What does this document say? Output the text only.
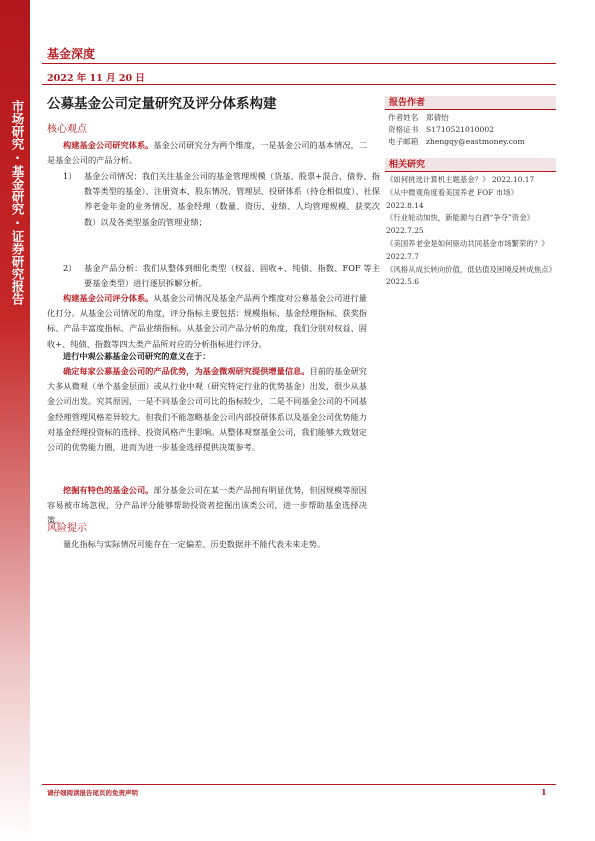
市场研究·基金研究·证券研究报告
基金深度
2022 年 11 月 20 日
公募基金公司定量研究及评分体系构建
核心观点
构建基金公司研究体系。基金公司研究分为两个维度，一是基金公司的基本情况，二是基金公司的产品分析。
1） 基金公司情况：我们关注基金公司的基金管理规模（货基、股票+混合、债券、指数等类型的基金）、注册资本、股东情况、管理层、投研体系（持仓相似度）、社保养老金年金的业务情况、基金经理（数量、资历、业绩、人均管理规模、获奖次数）以及各类型基金的管理业绩；
2） 基金产品分析：我们从整体到细化类型（权益、固收+、纯债、指数、FOF 等主要基金类型）进行逐层拆解分析。
构建基金公司评分体系。从基金公司情况及基金产品两个维度对公募基金公司进行量化打分。从基金公司情况的角度，评分指标主要包括：规模指标、基金经理指标、获奖指标、产品丰富度指标、产品业绩指标。从基金公司产品分析的角度，我们分别对权益、固收+、纯债、指数等四大类产品所对应的分析指标进行评分。
进行中观公募基金公司研究的意义在于：
确定每家公募基金公司的产品优势，为基金微观研究提供增量信息。目前的基金研究大多从微观（单个基金层面）或从行业中观（研究特定行业的优势基金）出发，很少从基金公司出发。究其原因，一是不同基金公司可比的指标较少，二是不同基金公司的不同基金经理管理风格差异较大。但我们不能忽略基金公司内部投研体系以及基金公司优势能力对基金经理投资标的选择、投资风格产生影响。从整体观察基金公司，我们能够大致划定公司的优势能力圈，进而为进一步基金选择提供决策参考。
挖掘有特色的基金公司。部分基金公司在某一类产品拥有明显优势，但因规模等原因容易被市场忽视，分产品评分能够帮助投资者挖掘出该类公司，进一步帮助基金选择决策。
风险提示
量化指标与实际情况可能存在一定偏差、历史数据并不能代表未来走势。
报告作者
作者姓名 郑倩怡
资格证书 S1710521010002
电子邮箱 zhengqy@eastmoney.com
相关研究
《如何挑选计算机主题基金？》 2022.10.17
《从中微观角度看美国养老 FOF 市场》 2022.8.14
《行业轮动加快，新能源与白酒“争夺”资金》 2022.7.25
《美国养老金是如何驱动共同基金市场繁荣的？》 2022.7.7
《风格从成长转向价值，低估值及困境反转成焦点》 2022.5.6
请仔细阅读报告尾页的免责声明	1
